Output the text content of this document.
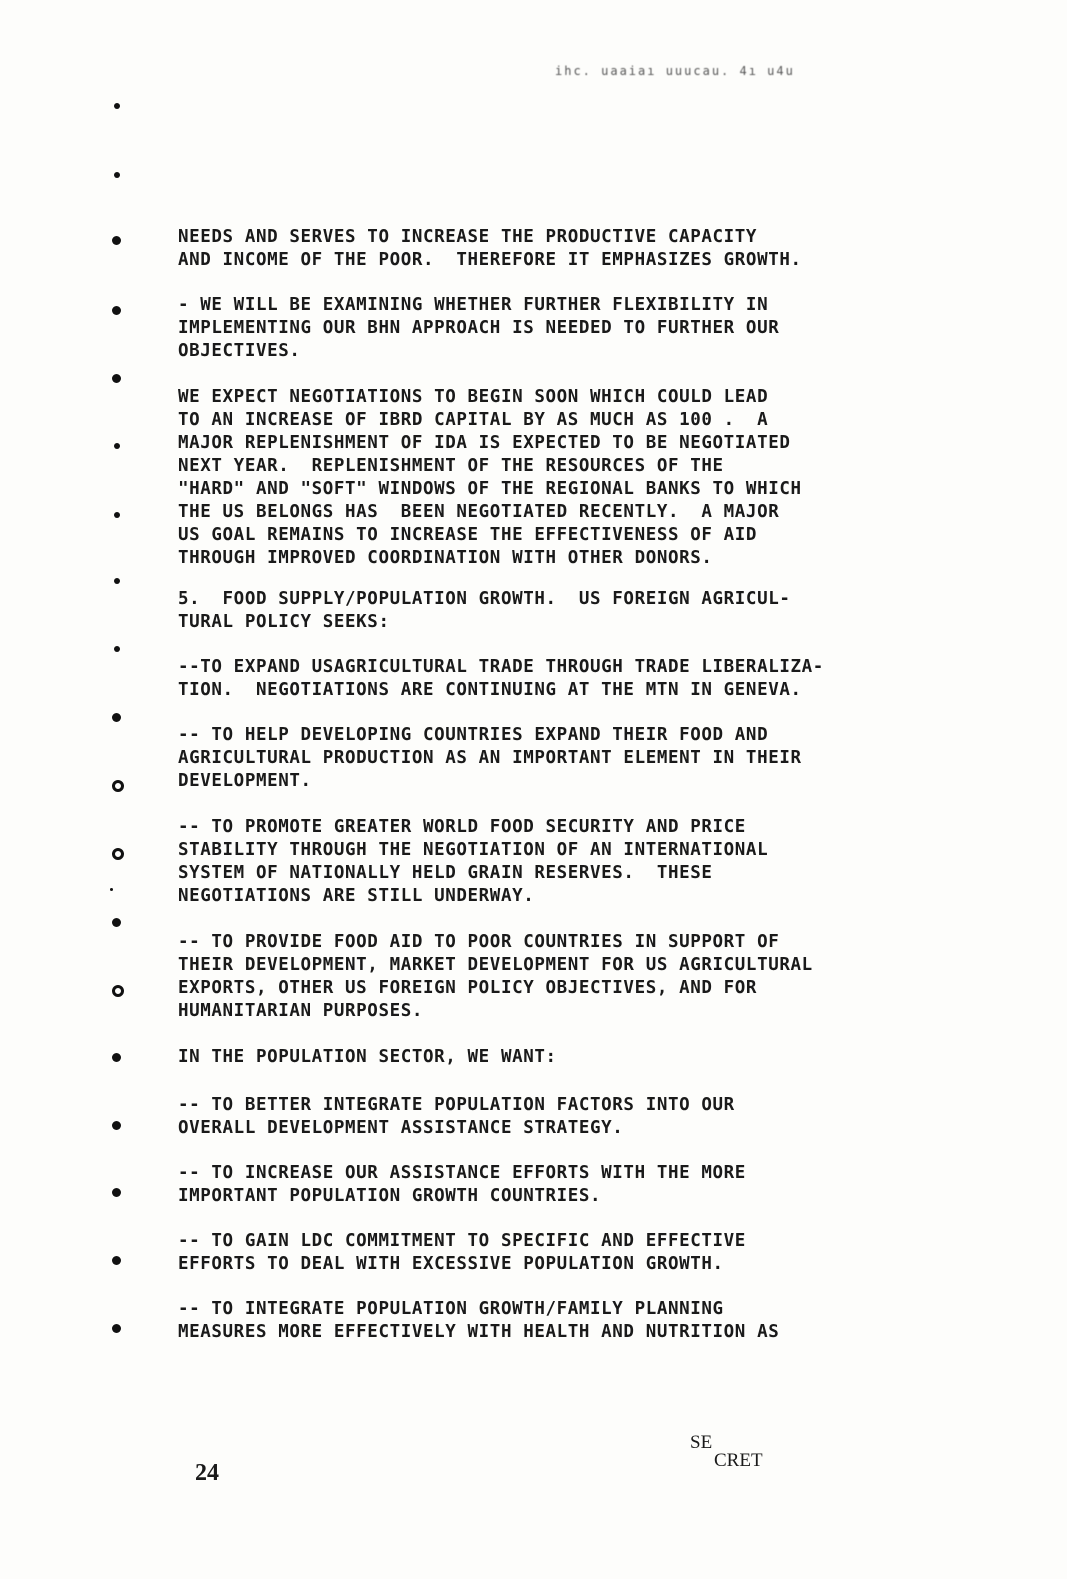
ihc. uaaiaı uuucau. 4ı u4u
NEEDS AND SERVES TO INCREASE THE PRODUCTIVE CAPACITY
AND INCOME OF THE POOR.  THEREFORE IT EMPHASIZES GROWTH.
- WE WILL BE EXAMINING WHETHER FURTHER FLEXIBILITY IN
IMPLEMENTING OUR BHN APPROACH IS NEEDED TO FURTHER OUR
OBJECTIVES.
WE EXPECT NEGOTIATIONS TO BEGIN SOON WHICH COULD LEAD
TO AN INCREASE OF IBRD CAPITAL BY AS MUCH AS 100 .  A
MAJOR REPLENISHMENT OF IDA IS EXPECTED TO BE NEGOTIATED
NEXT YEAR.  REPLENISHMENT OF THE RESOURCES OF THE
"HARD" AND "SOFT" WINDOWS OF THE REGIONAL BANKS TO WHICH
THE US BELONGS HAS  BEEN NEGOTIATED RECENTLY.  A MAJOR
US GOAL REMAINS TO INCREASE THE EFFECTIVENESS OF AID
THROUGH IMPROVED COORDINATION WITH OTHER DONORS.
5.  FOOD SUPPLY/POPULATION GROWTH.  US FOREIGN AGRICUL-
TURAL POLICY SEEKS:
--TO EXPAND USAGRICULTURAL TRADE THROUGH TRADE LIBERALIZA-
TION.  NEGOTIATIONS ARE CONTINUING AT THE MTN IN GENEVA.
-- TO HELP DEVELOPING COUNTRIES EXPAND THEIR FOOD AND
AGRICULTURAL PRODUCTION AS AN IMPORTANT ELEMENT IN THEIR
DEVELOPMENT.
-- TO PROMOTE GREATER WORLD FOOD SECURITY AND PRICE
STABILITY THROUGH THE NEGOTIATION OF AN INTERNATIONAL
SYSTEM OF NATIONALLY HELD GRAIN RESERVES.  THESE
NEGOTIATIONS ARE STILL UNDERWAY.
-- TO PROVIDE FOOD AID TO POOR COUNTRIES IN SUPPORT OF
THEIR DEVELOPMENT, MARKET DEVELOPMENT FOR US AGRICULTURAL
EXPORTS, OTHER US FOREIGN POLICY OBJECTIVES, AND FOR
HUMANITARIAN PURPOSES.
IN THE POPULATION SECTOR, WE WANT:
-- TO BETTER INTEGRATE POPULATION FACTORS INTO OUR
OVERALL DEVELOPMENT ASSISTANCE STRATEGY.
-- TO INCREASE OUR ASSISTANCE EFFORTS WITH THE MORE
IMPORTANT POPULATION GROWTH COUNTRIES.
-- TO GAIN LDC COMMITMENT TO SPECIFIC AND EFFECTIVE
EFFORTS TO DEAL WITH EXCESSIVE POPULATION GROWTH.
-- TO INTEGRATE POPULATION GROWTH/FAMILY PLANNING
MEASURES MORE EFFECTIVELY WITH HEALTH AND NUTRITION AS
24
SE
CRET
